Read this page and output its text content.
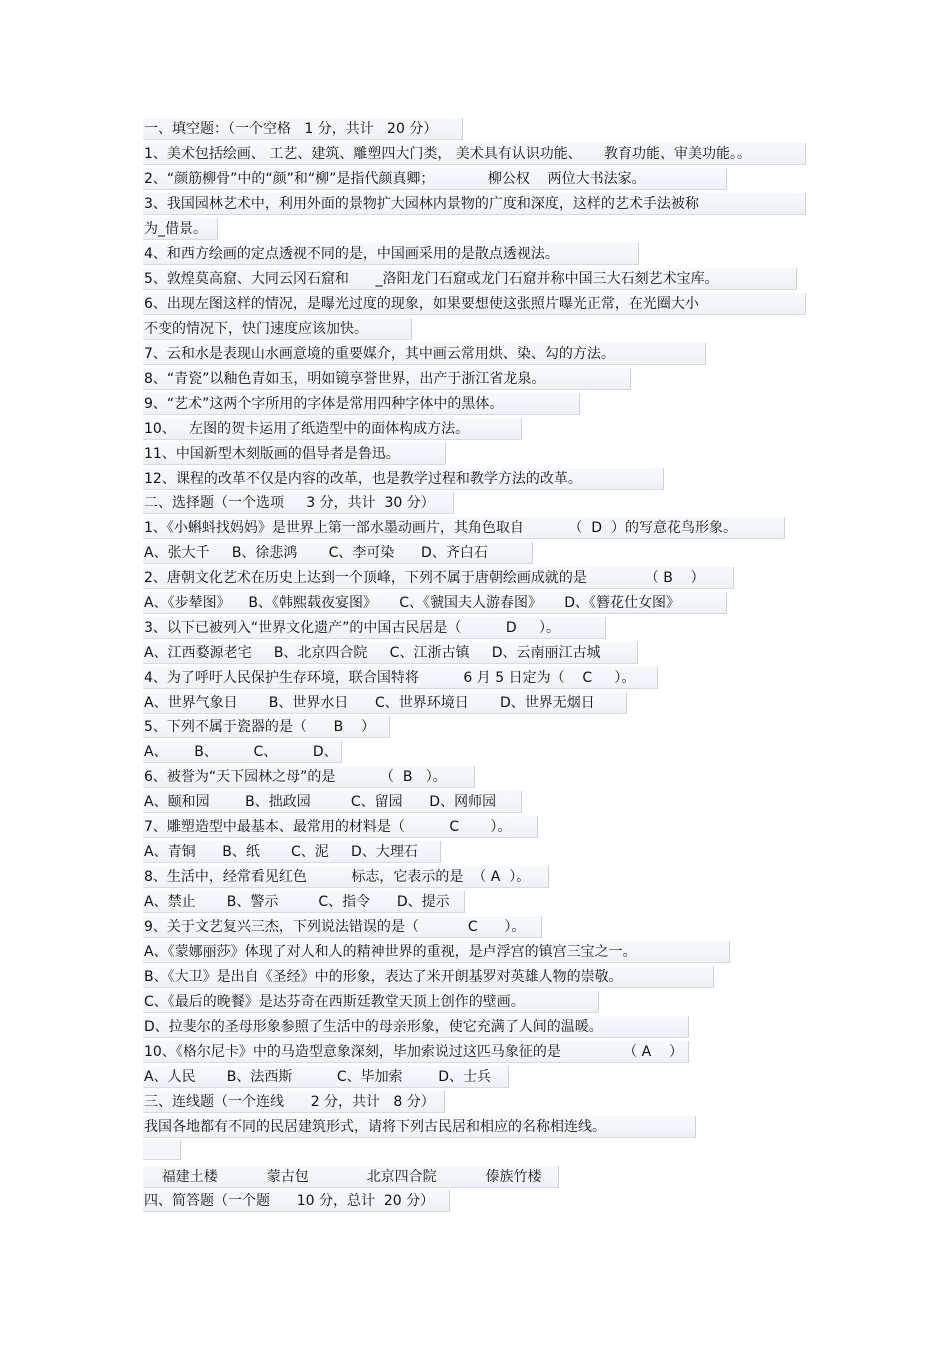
一、填空题：（一个空格   1 分，共计   20 分）
1、美术包括绘画、 工艺、建筑、雕塑四大门类， 美术具有认识功能、     教育功能、审美功能。。
2、“颜筋柳骨”中的“颜”和“柳”是指代颜真卿；            柳公权    两位大书法家。
3、我国园林艺术中，利用外面的景物扩大园林内景物的广度和深度，这样的艺术手法被称
为_借景。
4、和西方绘画的定点透视不同的是，中国画采用的是散点透视法。
5、敦煌莫高窟、大同云冈石窟和      _洛阳龙门石窟或龙门石窟并称中国三大石刻艺术宝库。
6、出现左图这样的情况，是曝光过度的现象，如果要想使这张照片曝光正常，在光圈大小
不变的情况下，快门速度应该加快。
7、云和水是表现山水画意境的重要媒介，其中画云常用烘、染、勾的方法。
8、“青瓷”以釉色青如玉，明如镜享誉世界，出产于浙江省龙泉。
9、“艺术”这两个字所用的字体是常用四种字体中的黑体。
10、   左图的贺卡运用了纸造型中的面体构成方法。
11、中国新型木刻版画的倡导者是鲁迅。
12、课程的改革不仅是内容的改革，也是教学过程和教学方法的改革。
二、选择题（一个选项     3 分，共计  30 分）
1、《小蝌蚪找妈妈》是世界上第一部水墨动画片，其角色取自          （  D  ）的写意花鸟形象。
A、张大千     B、徐悲鸿       C、李可染      D、齐白石
2、唐朝文化艺术在历史上达到一个顶峰，下列不属于唐朝绘画成就的是             （ B    ）
A、《步辇图》    B、《韩熙载夜宴图》     C、《虢国夫人游春图》     D、《簪花仕女图》
3、以下已被列入“世界文化遗产”的中国古民居是（          D     ）。
A、江西婺源老宅     B、北京四合院     C、江浙古镇     D、云南丽江古城
4、为了呼吁人民保护生存环境，联合国特将          6 月 5 日定为（    C     ）。
A、世界气象日       B、世界水日      C、世界环境日       D、世界无烟日
5、下列不属于瓷器的是（      B    ）
A、      B、        C、        D、
6、被誉为“天下园林之母”的是          （  B   ）。
A、颐和园        B、拙政园         C、留园      D、网师园
7、雕塑造型中最基本、最常用的材料是（          C       ）。
A、青铜      B、纸       C、泥     D、大理石
8、生活中，经常看见红色          标志，它表示的是  （ A  ）。
A、禁止       B、警示         C、指令      D、提示
9、关于文艺复兴三杰，下列说法错误的是（           C      ）。
A、《蒙娜丽莎》体现了对人和人的精神世界的重视，是卢浮宫的镇宫三宝之一。
B、《大卫》是出自《圣经》中的形象，表达了米开朗基罗对英雄人物的崇敬。
C、《最后的晚餐》是达芬奇在西斯廷教堂天顶上创作的壁画。
D、拉斐尔的圣母形象参照了生活中的母亲形象，使它充满了人间的温暖。
10、《格尔尼卡》中的马造型意象深刻，毕加索说过这匹马象征的是              （ A    ）
A、人民       B、法西斯          C、毕加索        D、士兵
三、连线题（一个连线      2 分，共计   8 分）
我国各地都有不同的民居建筑形式，请将下列古民居和相应的名称相连线。
福建土楼           蒙古包             北京四合院           傣族竹楼
四、简答题（一个题      10 分，总计  20 分）
